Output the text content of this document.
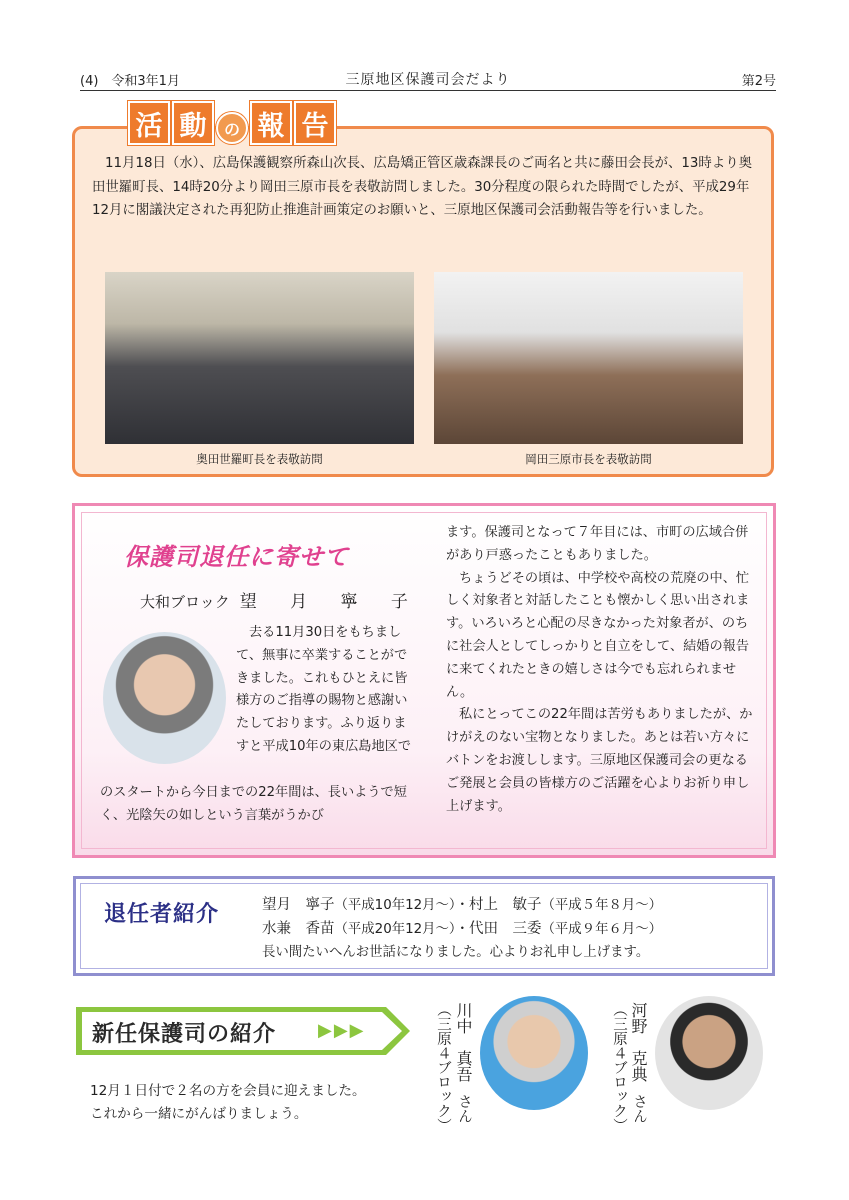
(4)　令和3年1月	三原地区保護司会だより	第2号
活 動	の 報 告
11月18日（水）、広島保護観察所森山次長、広島矯正管区歳森課長のご両名と共に藤田会長が、13時より奥田世羅町長、14時20分より岡田三原市長を表敬訪問しました。30分程度の限られた時間でしたが、平成29年12月に閣議決定された再犯防止推進計画策定のお願いと、三原地区保護司会活動報告等を行いました。
奥田世羅町長を表敬訪問	岡田三原市長を表敬訪問
保護司退任に寄せて
大和ブロック 望 月 寧 子
去る11月30日をもちまして、無事に卒業することができました。これもひとえに皆様方のご指導の賜物と感謝いたしております。ふり返りますと平成10年の東広島地区で
のスタートから今日までの22年間は、長いようで短く、光陰矢の如しという言葉がうかび

ます。保護司となって７年目には、市町の広域合併があり戸惑ったこともありました。

ちょうどその頃は、中学校や高校の荒廃の中、忙しく対象者と対話したことも懐かしく思い出されます。いろいろと心配の尽きなかった対象者が、のちに社会人としてしっかりと自立をして、結婚の報告に来てくれたときの嬉しさは今でも忘れられません。

私にとってこの22年間は苦労もありましたが、かけがえのない宝物となりました。あとは若い方々にバトンをお渡しします。三原地区保護司会の更なるご発展と会員の皆様方のご活躍を心よりお祈り申し上げます。

退任者紹介	望月　寧子（平成10年12月～）・村上　敏子（平成５年８月～）
水兼　香苗（平成20年12月～）・代田　三委（平成９年６月～）
長い間たいへんお世話になりました。心よりお礼申し上げます。
新任保護司の紹介 ▶▶▶
12月１日付で２名の方を会員に迎えました。
これから一緒にがんばりましょう。	（三原４ブロック） 川中　真吾
さん	（三原４ブロック） 河野　克典
さん
